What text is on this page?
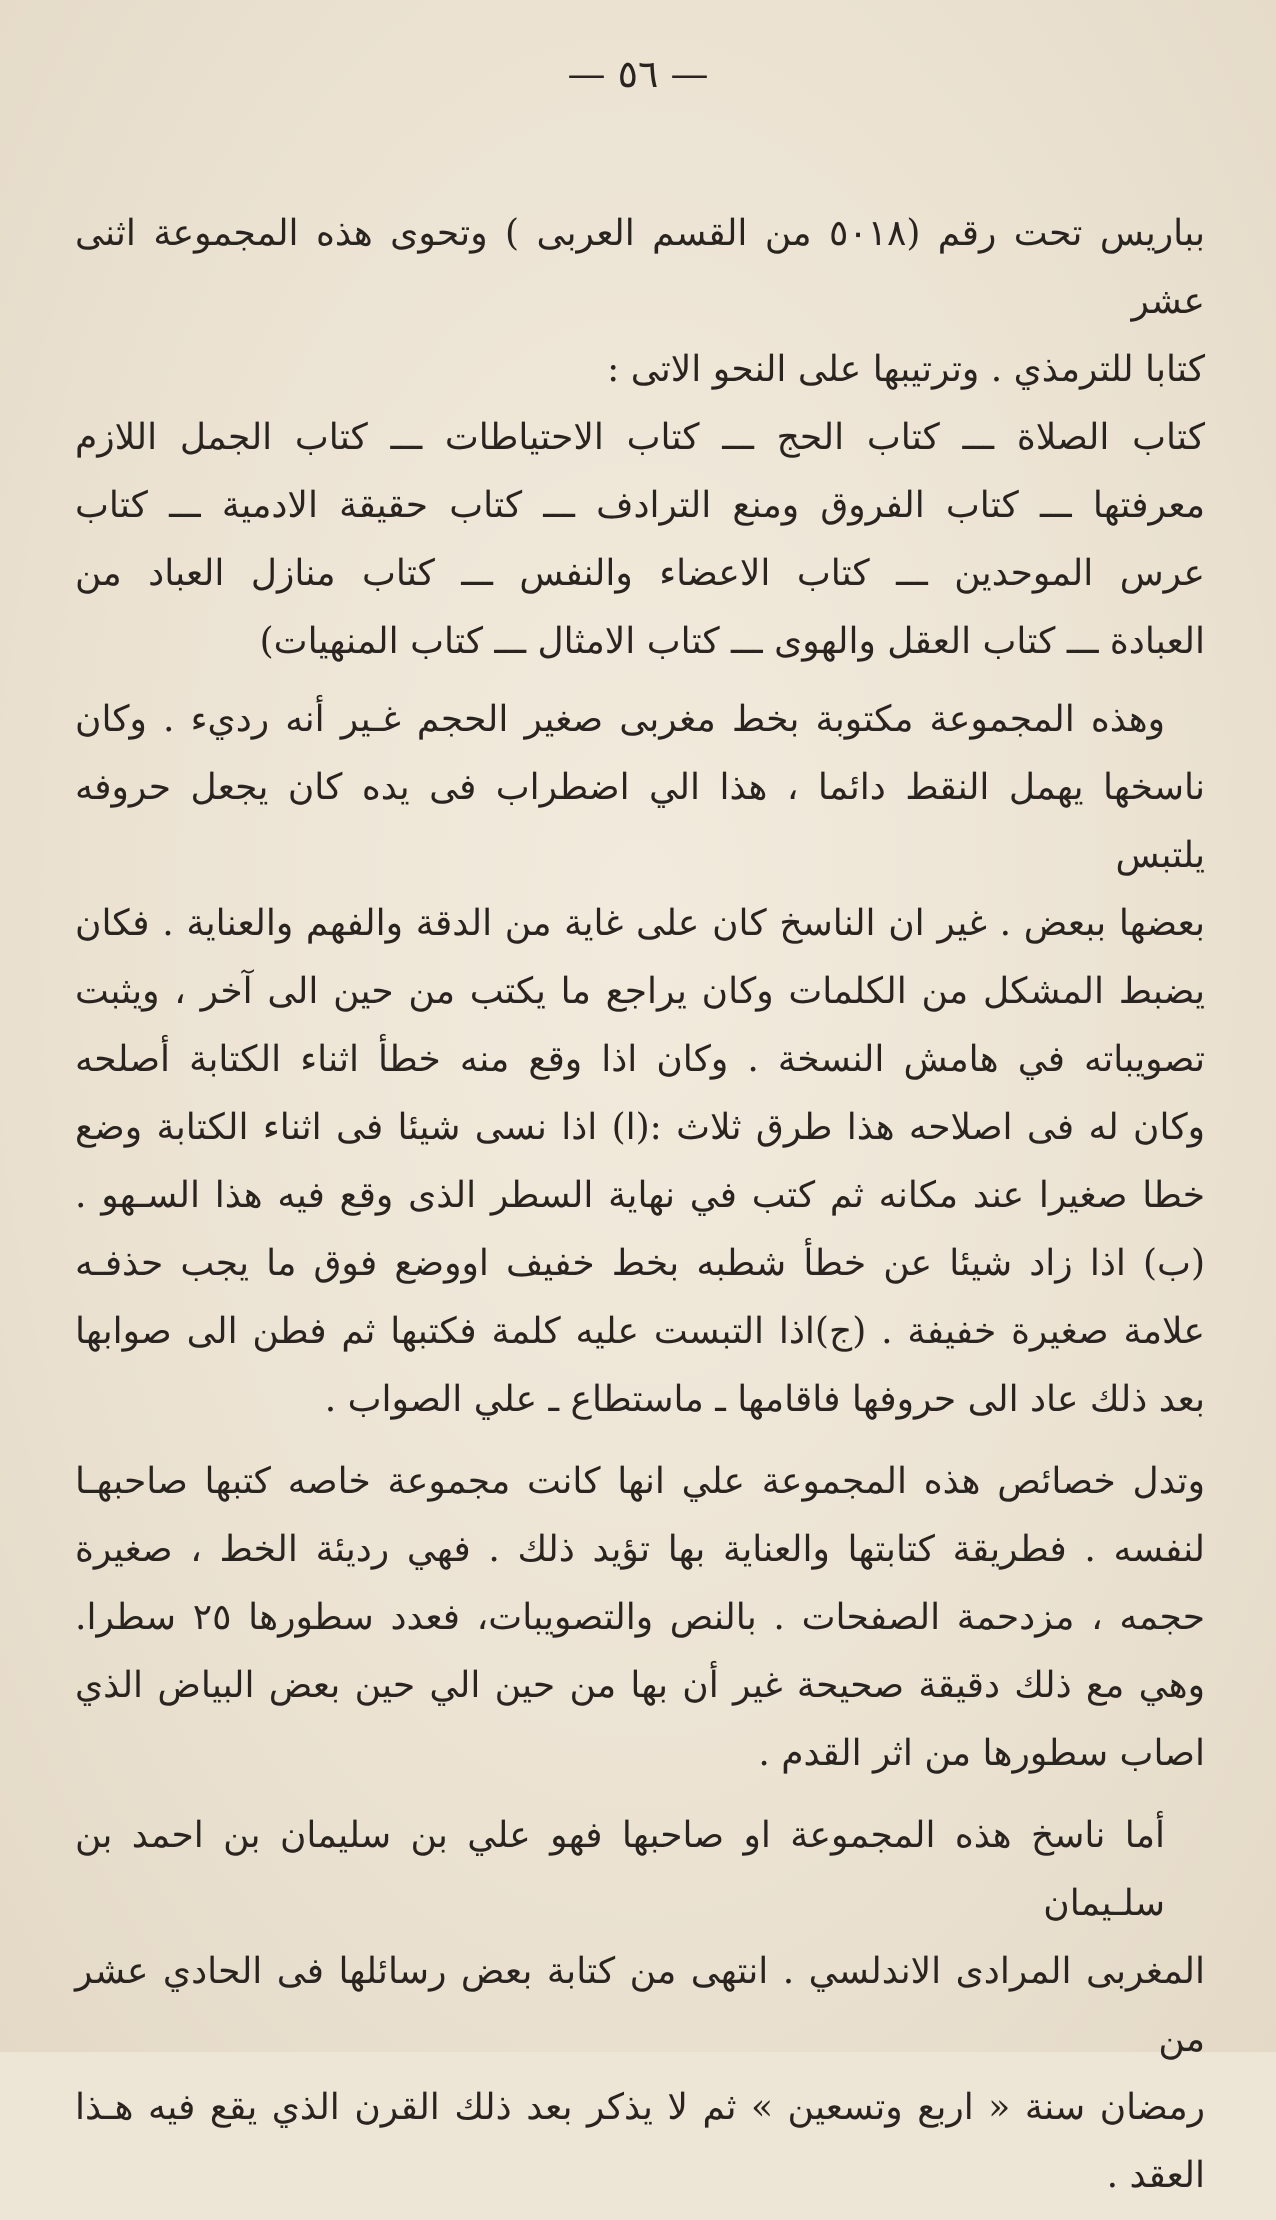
— ٥٦ —
بباريس تحت رقم (٥٠١٨ من القسم العربى ) وتحوى هذه المجموعة اثنى عشر
كتابا للترمذي . وترتيبها على النحو الاتى :
كتاب الصلاة ـــ كتاب الحج ـــ كتاب الاحتياطات ـــ كتاب الجمل اللازم
معرفتها ـــ كتاب الفروق ومنع الترادف ـــ كتاب حقيقة الادمية ـــ كتاب
عرس الموحدين ـــ كتاب الاعضاء والنفس ـــ كتاب منازل العباد من
العبادة ـــ كتاب العقل والهوى ـــ كتاب الامثال ـــ كتاب المنهيات)
وهذه المجموعة مكتوبة بخط مغربى صغير الحجم غـير أنه رديء . وكان
ناسخها يهمل النقط دائما ، هذا الي اضطراب فى يده كان يجعل حروفه يلتبس
بعضها ببعض . غير ان الناسخ كان على غاية من الدقة والفهم والعناية . فكان
يضبط المشكل من الكلمات وكان يراجع ما يكتب من حين الى آخر ، ويثبت
تصويباته في هامش النسخة . وكان اذا وقع منه خطأ اثناء الكتابة أصلحه
وكان له فى اصلاحه هذا طرق ثلاث :(ا) اذا نسى شيئا فى اثناء الكتابة وضع
خطا صغيرا عند مكانه ثم كتب في نهاية السطر الذى وقع فيه هذا السـهو .
(ب) اذا زاد شيئا عن خطأ شطبه بخط خفيف اووضع فوق ما يجب حذفـه
علامة صغيرة خفيفة . (ج)اذا التبست عليه كلمة فكتبها ثم فطن الى صوابها
بعد ذلك عاد الى حروفها فاقامها ـ ماستطاع ـ علي الصواب .
وتدل خصائص هذه المجموعة علي انها كانت مجموعة خاصه كتبها صاحبهـا
لنفسه . فطريقة كتابتها والعناية بها تؤيد ذلك . فهي رديئة الخط ، صغيرة
حجمه ، مزدحمة الصفحات . بالنص والتصويبات، فعدد سطورها ٢٥ سطرا.
وهي مع ذلك دقيقة صحيحة غير أن بها من حين الي حين بعض البياض الذي
اصاب سطورها من اثر القدم .
أما ناسخ هذه المجموعة او صاحبها فهو علي بن سليمان بن احمد بن سلـيمان
المغربى المرادى الاندلسي . انتهى من كتابة بعض رسائلها فى الحادي عشر من
رمضان سنة « اربع وتسعين » ثم لا يذكر بعد ذلك القرن الذي يقع فيه هـذا
العقد .
